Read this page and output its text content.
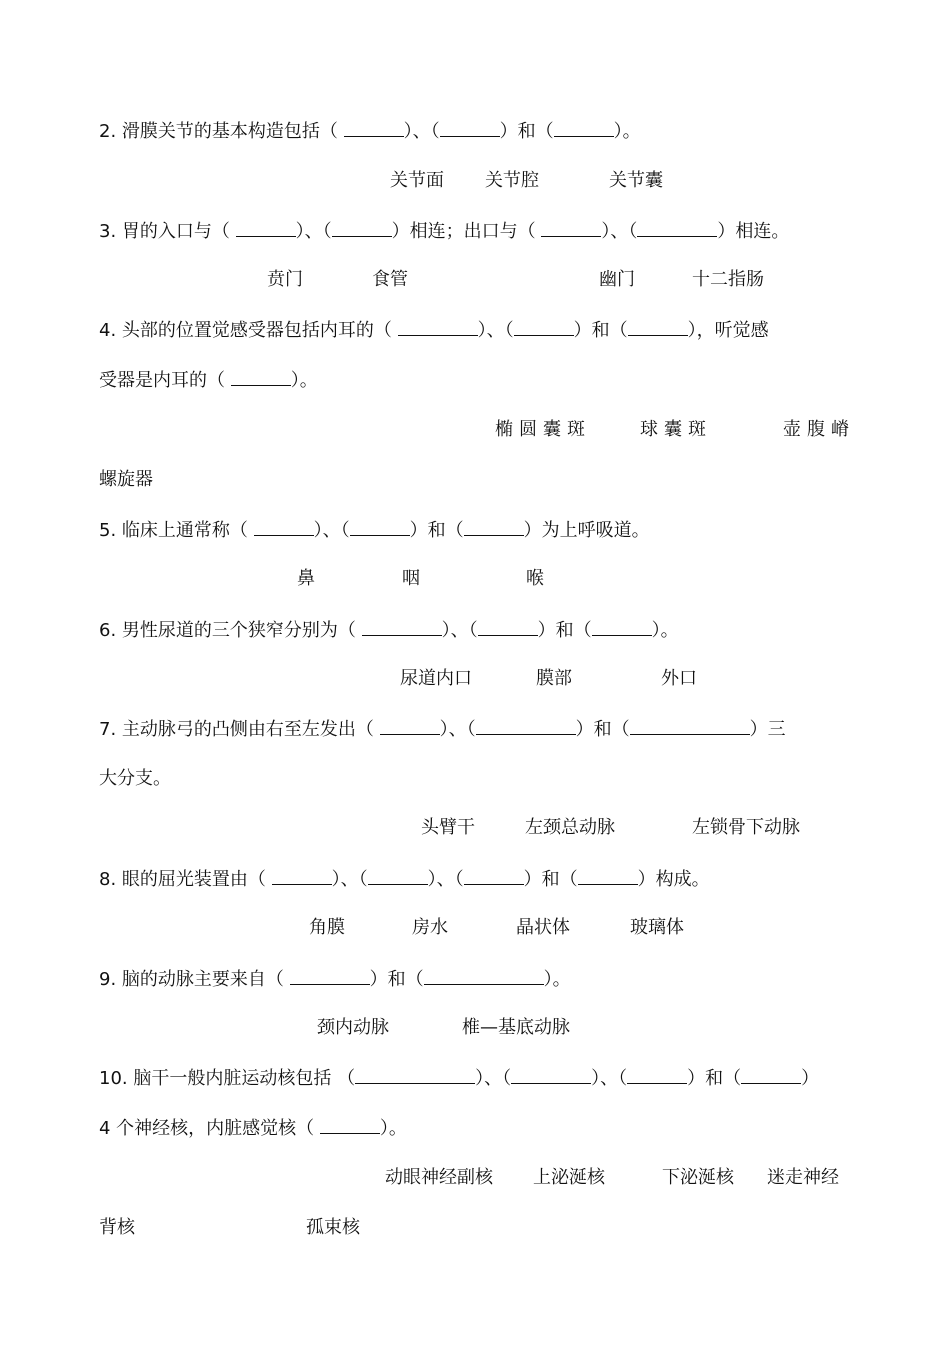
2. 滑膜关节的基本构造包括（	）、（	）和（	）。
关节面 关节腔	关节囊
3. 胃的入口与（	）、（	）相连；出口与（	）、（	）相连。
贲门	食管	幽门	十二指肠
4. 头部的位置觉感受器包括内耳的（	）、（	）和（	），听觉感
受器是内耳的（	）。
椭圆囊斑	球囊斑	壶腹嵴
螺旋器
5. 临床上通常称（	）、（	）和（	）为上呼吸道。
鼻	咽	喉
6. 男性尿道的三个狭窄分别为（	）、（	）和（	）。
尿道内口	膜部	外口
7. 主动脉弓的凸侧由右至左发出（	）、（	）和（	）三
大分支。
头臂干	左颈总动脉	左锁骨下动脉
8. 眼的屈光装置由（	）、（	）、（	）和（	）构成。
角膜	房水	晶状体	玻璃体
9. 脑的动脉主要来自（	）和（	）。
颈内动脉	椎—基底动脉
10. 脑干一般内脏运动核包括 （	）、（	）、（	）和（	）
4 个神经核，内脏感觉核（	）。
动眼神经副核 上泌涎核	下泌涎核 迷走神经
背核	孤束核
